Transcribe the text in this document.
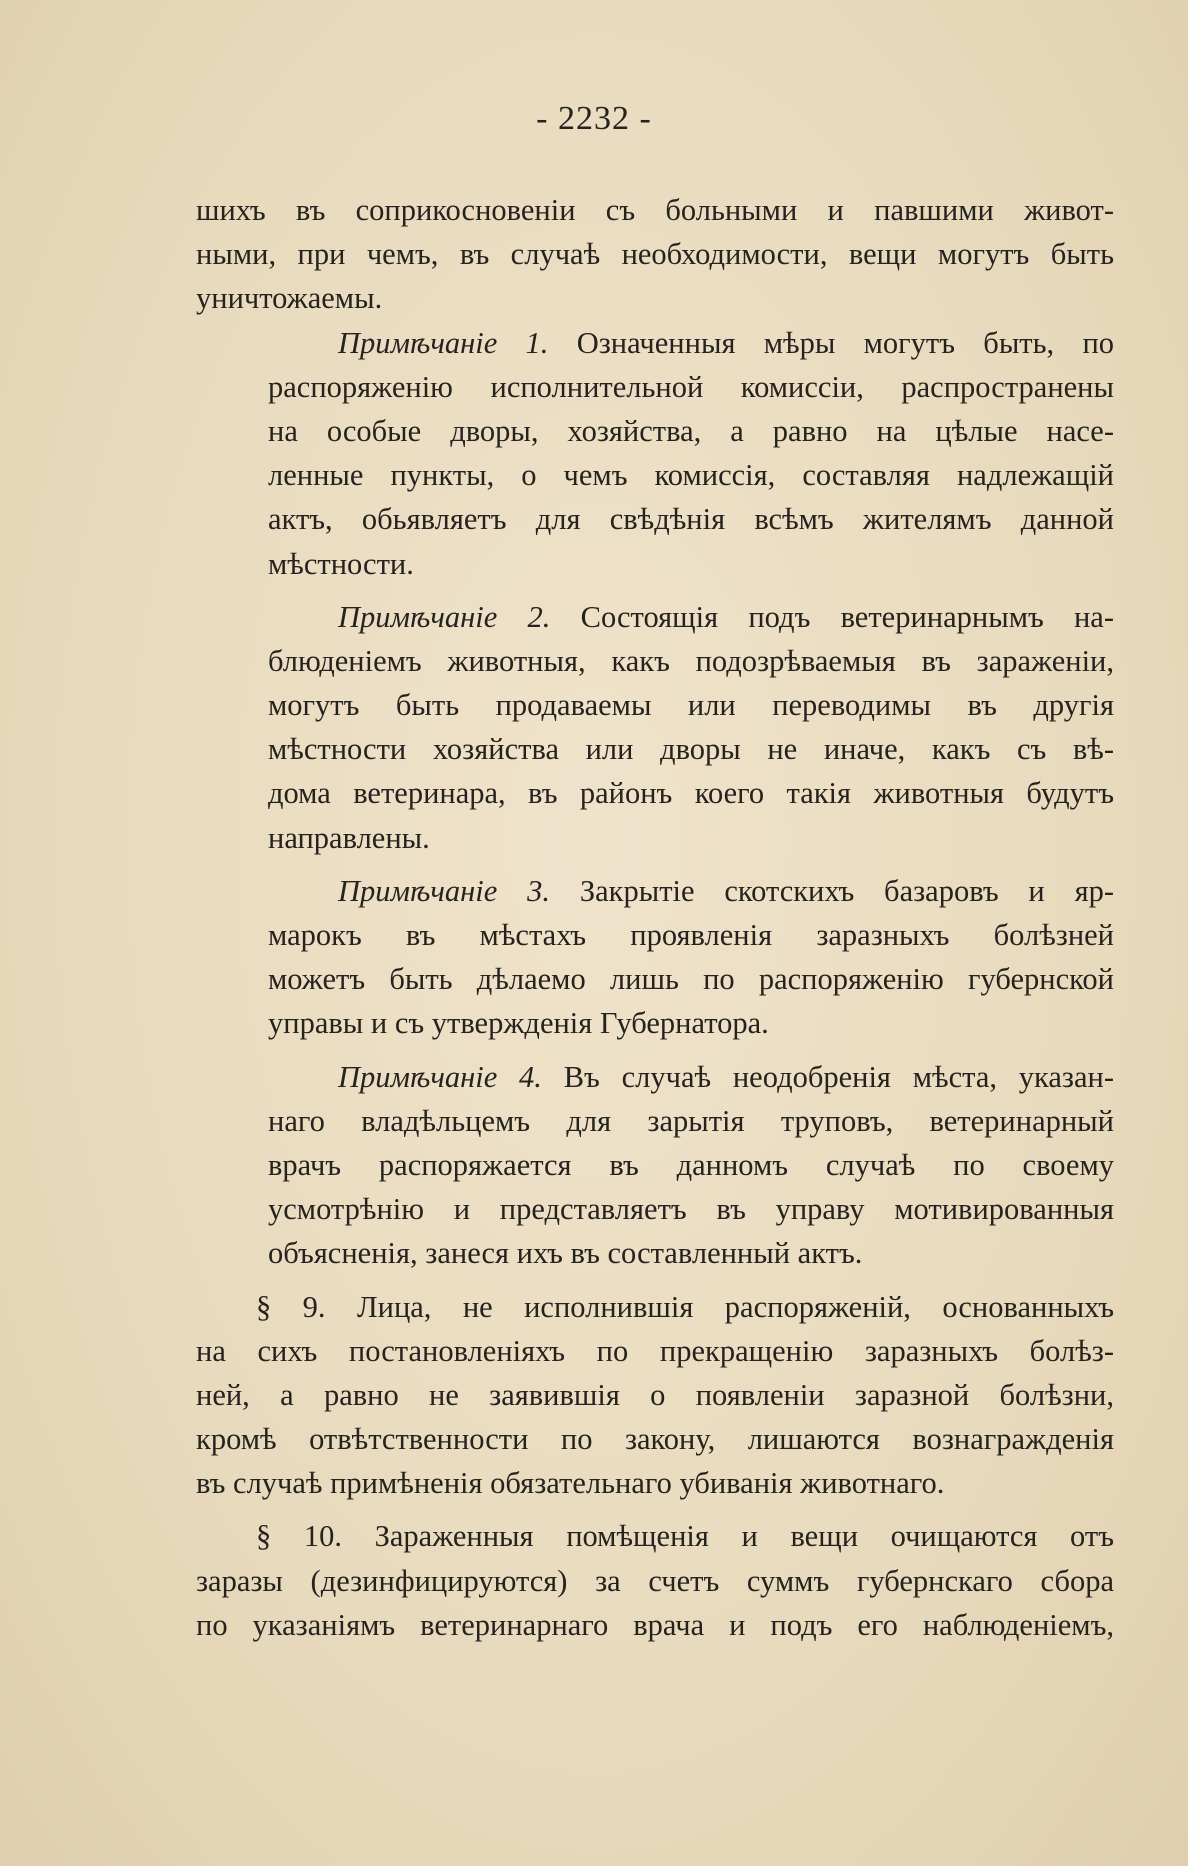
- 2232 -
шихъ въ соприкосновеніи съ больными и павшими живот-
ными, при чемъ, въ случаѣ необходимости, вещи могутъ быть
уничтожаемы.
Примѣчаніе 1. Означенныя мѣры могутъ быть, по
распоряженію исполнительной комиссіи, распространены
на особые дворы, хозяйства, а равно на цѣлые насе-
ленные пункты, о чемъ комиссія, составляя надлежащій
актъ, обьявляетъ для свѣдѣнія всѣмъ жителямъ данной
мѣстности.
Примѣчаніе 2. Состоящія подъ ветеринарнымъ на-
блюденіемъ животныя, какъ подозрѣваемыя въ зараженіи,
могутъ быть продаваемы или переводимы въ другія
мѣстности хозяйства или дворы не иначе, какъ съ вѣ-
дома ветеринара, въ районъ коего такія животныя будутъ
направлены.
Примѣчаніе 3. Закрытіе скотскихъ базаровъ и яр-
марокъ въ мѣстахъ проявленія заразныхъ болѣзней
можетъ быть дѣлаемо лишь по распоряженію губернской
управы и съ утвержденія Губернатора.
Примѣчаніе 4. Въ случаѣ неодобренія мѣста, указан-
наго владѣльцемъ для зарытія труповъ, ветеринарный
врачъ распоряжается въ данномъ случаѣ по своему
усмотрѣнію и представляетъ въ управу мотивированныя
объясненія, занеся ихъ въ составленный актъ.
§ 9. Лица, не исполнившія распоряженій, основанныхъ
на сихъ постановленіяхъ по прекращенію заразныхъ болѣз-
ней, а равно не заявившія о появленіи заразной болѣзни,
кромѣ отвѣтственности по закону, лишаются вознагражденія
въ случаѣ примѣненія обязательнаго убиванія животнаго.
§ 10. Зараженныя помѣщенія и вещи очищаются отъ
заразы (дезинфицируются) за счетъ суммъ губернскаго сбора
по указаніямъ ветеринарнаго врача и подъ его наблюденіемъ,
